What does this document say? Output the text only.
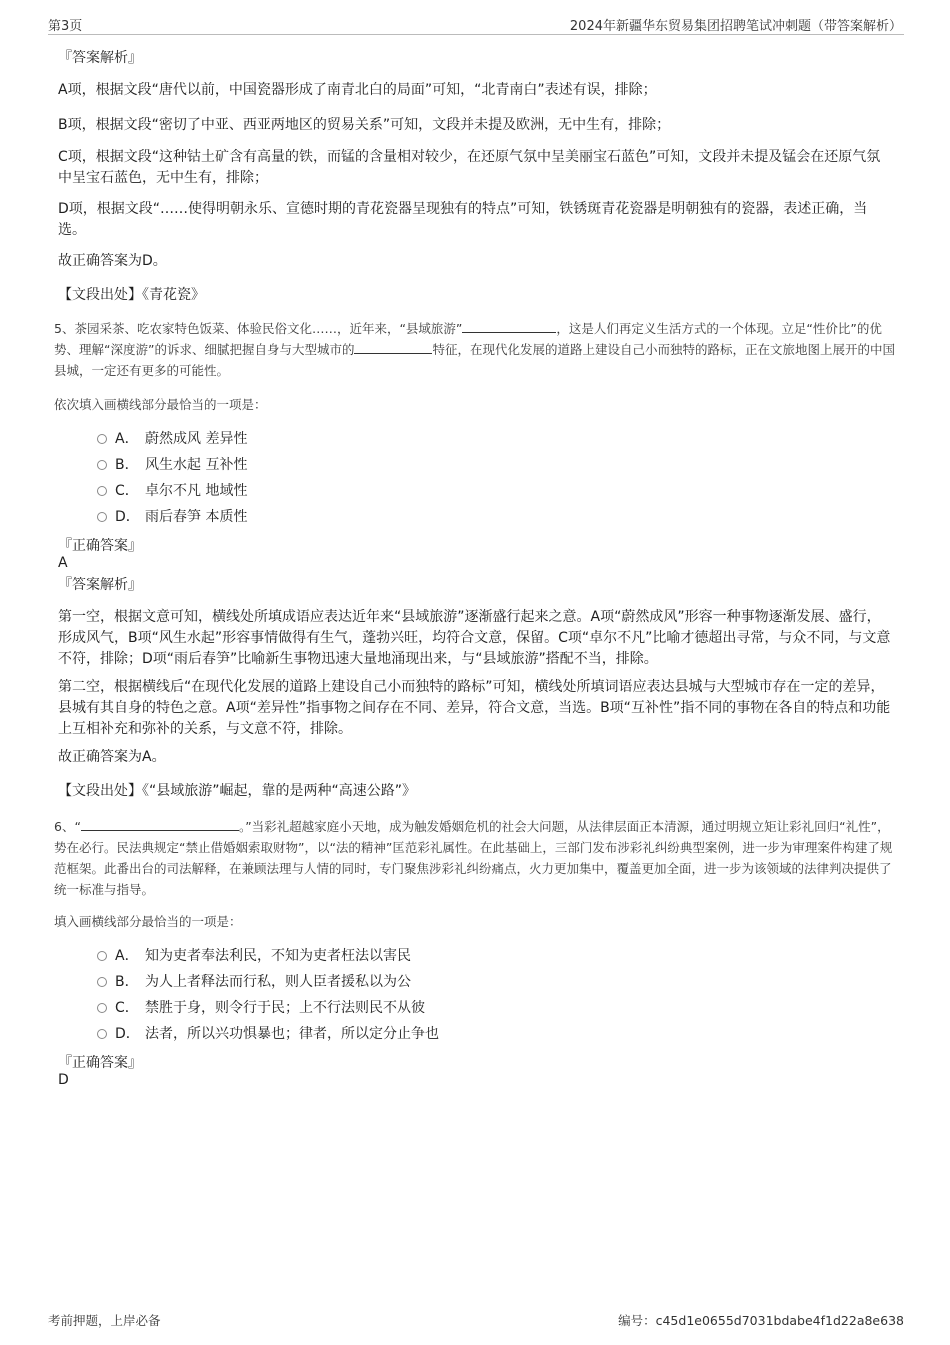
第3页	2024年新疆华东贸易集团招聘笔试冲刺题（带答案解析）
『答案解析』
A项，根据文段“唐代以前，中国瓷器形成了南青北白的局面”可知，“北青南白”表述有误，排除；
B项，根据文段“密切了中亚、西亚两地区的贸易关系”可知，文段并未提及欧洲，无中生有，排除；
C项，根据文段“这种钴土矿含有高量的铁，而锰的含量相对较少，在还原气氛中呈美丽宝石蓝色”可知，文段并未提及锰会在还原气氛中呈宝石蓝色，无中生有，排除；
D项，根据文段“……使得明朝永乐、宣德时期的青花瓷器呈现独有的特点”可知，铁锈斑青花瓷器是明朝独有的瓷器，表述正确，当选。
故正确答案为D。
【文段出处】《青花瓷》
5、茶园采茶、吃农家特色饭菜、体验民俗文化……，近年来，“县域旅游”	，这是人们再定义生活方式的一个体现。立足“性价比”的优势、理解“深度游”的诉求、细腻把握自身与大型城市的	特征，在现代化发展的道路上建设自己小而独特的路标，正在文旅地图上展开的中国县城，一定还有更多的可能性。
依次填入画横线部分最恰当的一项是：
A． 蔚然成风 差异性
B． 风生水起 互补性
C． 卓尔不凡 地域性
D． 雨后春笋 本质性
『正确答案』
A
『答案解析』
第一空，根据文意可知，横线处所填成语应表达近年来“县域旅游”逐渐盛行起来之意。A项“蔚然成风”形容一种事物逐渐发展、盛行，形成风气，B项“风生水起”形容事情做得有生气，蓬勃兴旺，均符合文意，保留。C项“卓尔不凡”比喻才德超出寻常，与众不同，与文意不符，排除；D项“雨后春笋”比喻新生事物迅速大量地涌现出来，与“县域旅游”搭配不当，排除。
第二空，根据横线后“在现代化发展的道路上建设自己小而独特的路标”可知，横线处所填词语应表达县城与大型城市存在一定的差异，县城有其自身的特色之意。A项“差异性”指事物之间存在不同、差异，符合文意，当选。B项“互补性”指不同的事物在各自的特点和功能上互相补充和弥补的关系，与文意不符，排除。
故正确答案为A。
【文段出处】《“县域旅游”崛起，靠的是两种“高速公路”》
6、“	。”当彩礼超越家庭小天地，成为触发婚姻危机的社会大问题，从法律层面正本清源，通过明规立矩让彩礼回归“礼性”，势在必行。民法典规定“禁止借婚姻索取财物”，以“法的精神”匡范彩礼属性。在此基础上，三部门发布涉彩礼纠纷典型案例，进一步为审理案件构建了规范框架。此番出台的司法解释，在兼顾法理与人情的同时，专门聚焦涉彩礼纠纷痛点，火力更加集中，覆盖更加全面，进一步为该领域的法律判决提供了统一标准与指导。
填入画横线部分最恰当的一项是：
A． 知为吏者奉法利民，不知为吏者枉法以害民
B． 为人上者释法而行私，则人臣者援私以为公
C． 禁胜于身，则令行于民；上不行法则民不从彼
D． 法者，所以兴功惧暴也；律者，所以定分止争也
『正确答案』
D
考前押题，上岸必备	编号：c45d1e0655d7031bdabe4f1d22a8e638
